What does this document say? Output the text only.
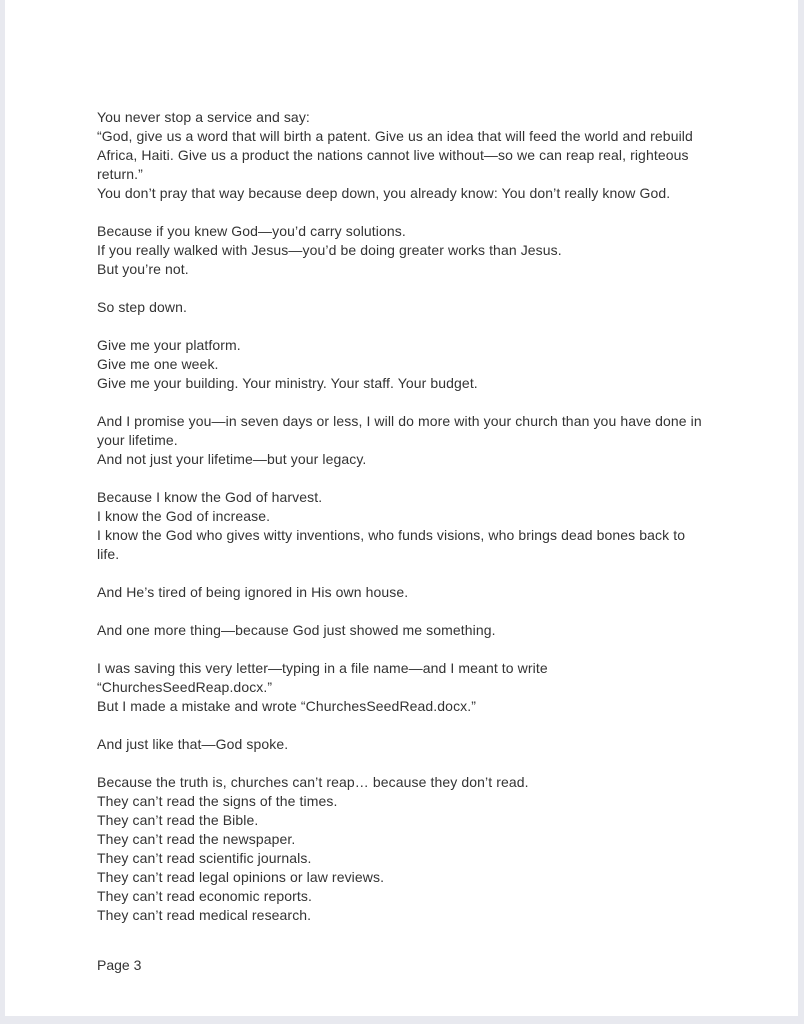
You never stop a service and say:
“God, give us a word that will birth a patent. Give us an idea that will feed the world and rebuild
Africa, Haiti. Give us a product the nations cannot live without—so we can reap real, righteous
return.”
You don’t pray that way because deep down, you already know: You don’t really know God.
Because if you knew God—you’d carry solutions.
If you really walked with Jesus—you’d be doing greater works than Jesus.
But you’re not.
So step down.
Give me your platform.
Give me one week.
Give me your building. Your ministry. Your staff. Your budget.
And I promise you—in seven days or less, I will do more with your church than you have done in
your lifetime.
And not just your lifetime—but your legacy.
Because I know the God of harvest.
I know the God of increase.
I know the God who gives witty inventions, who funds visions, who brings dead bones back to
life.
And He’s tired of being ignored in His own house.
And one more thing—because God just showed me something.
I was saving this very letter—typing in a file name—and I meant to write
“ChurchesSeedReap.docx.”
But I made a mistake and wrote “ChurchesSeedRead.docx.”
And just like that—God spoke.
Because the truth is, churches can’t reap… because they don’t read.
They can’t read the signs of the times.
They can’t read the Bible.
They can’t read the newspaper.
They can’t read scientific journals.
They can’t read legal opinions or law reviews.
They can’t read economic reports.
They can’t read medical research.
Page 3
